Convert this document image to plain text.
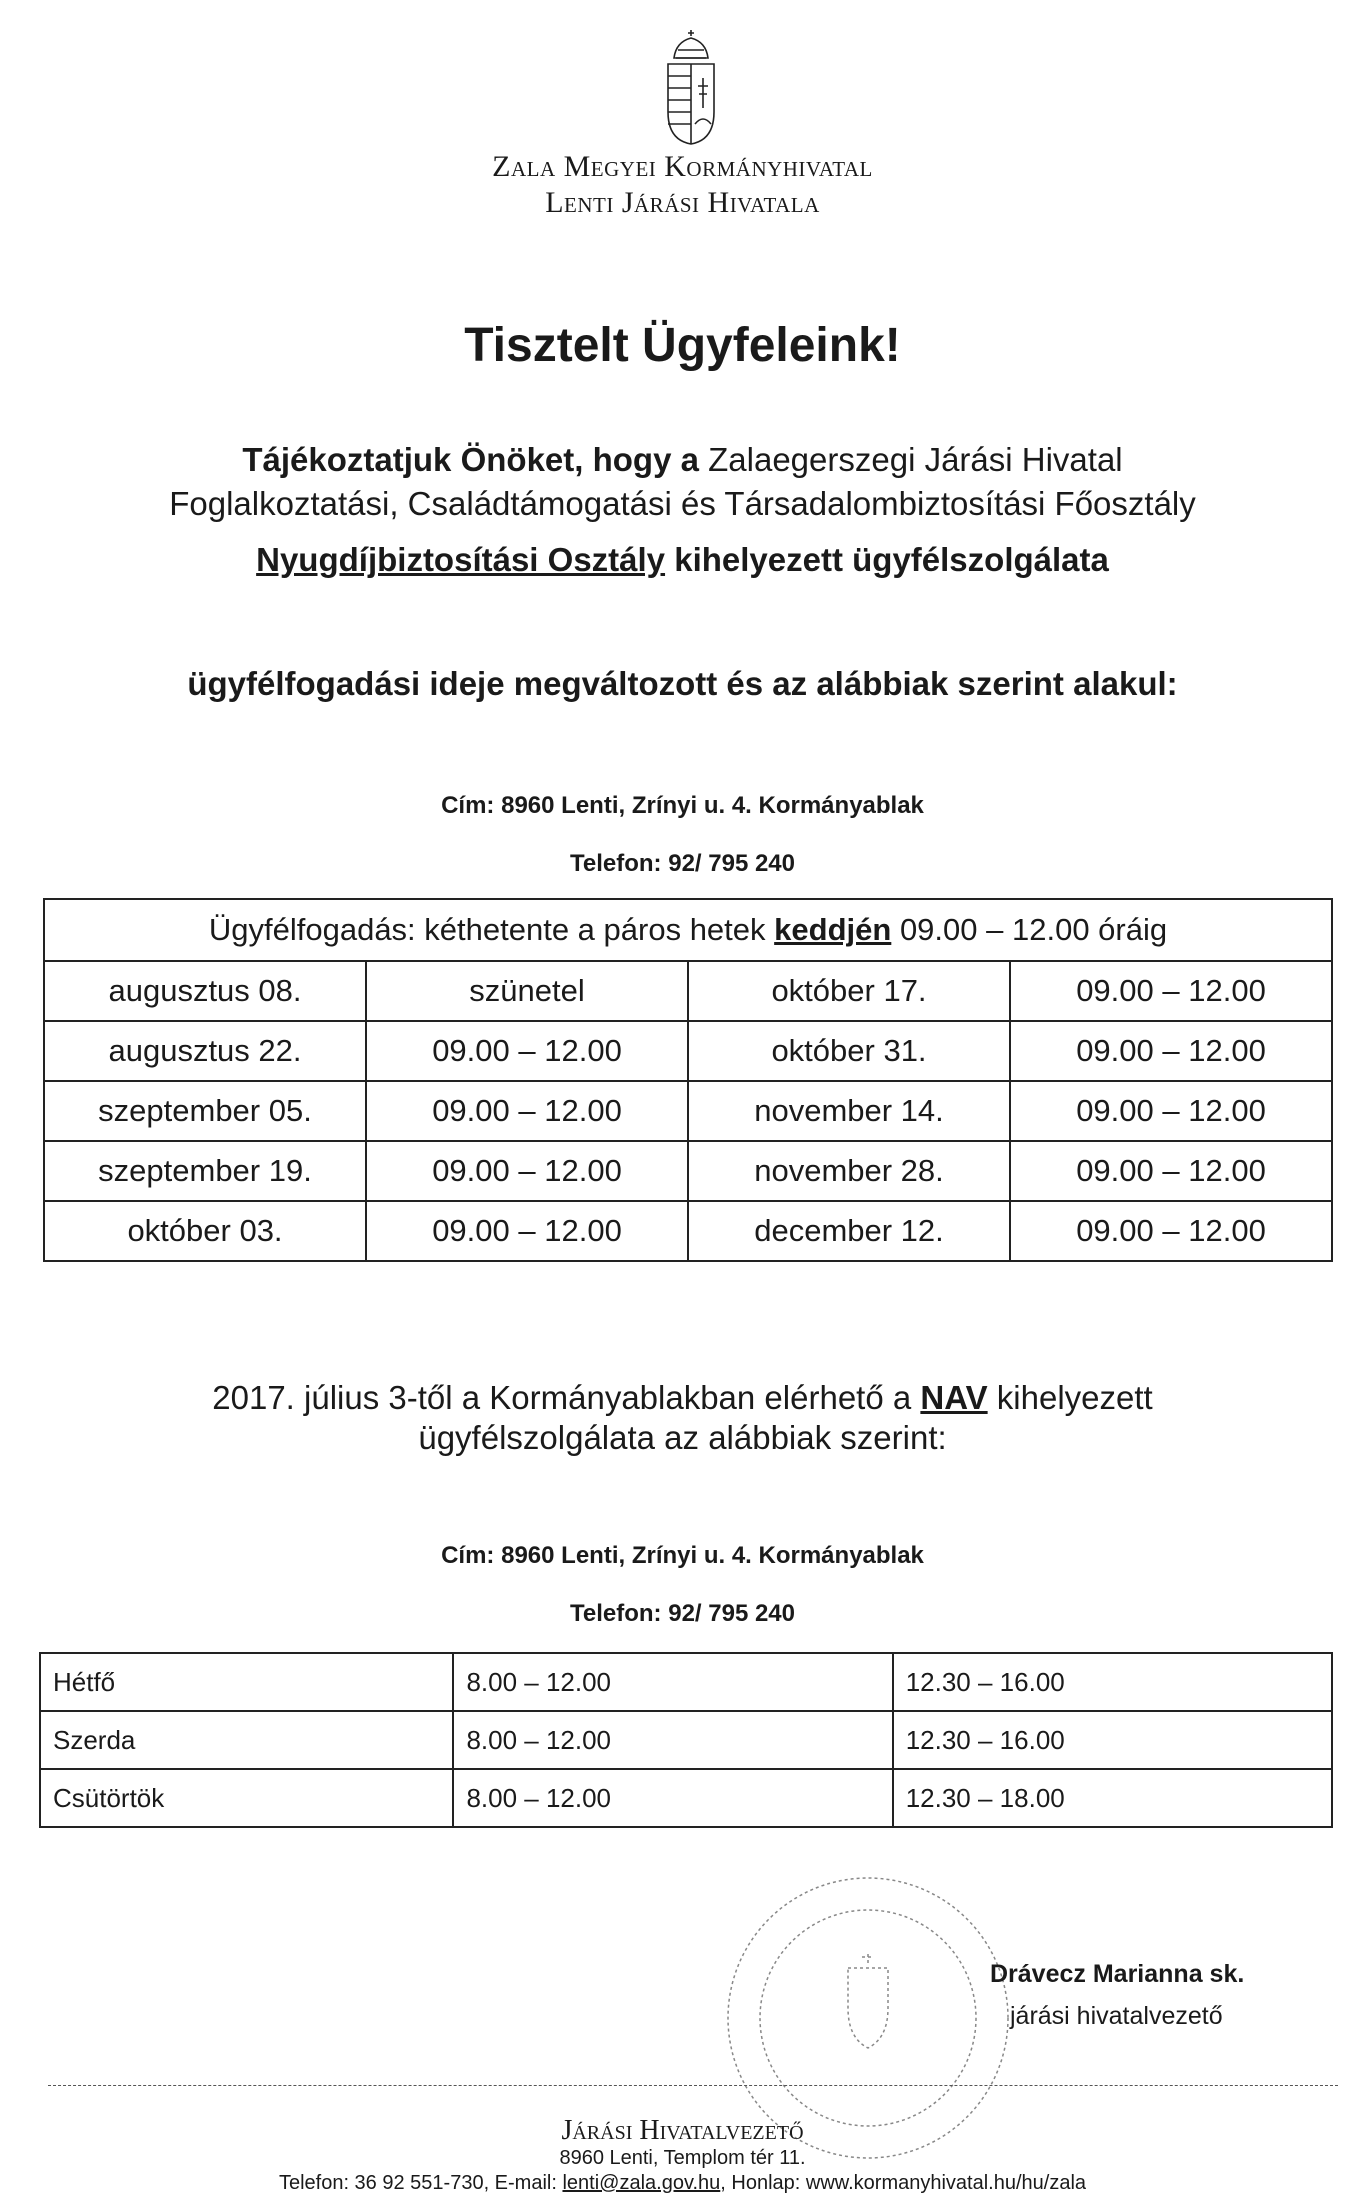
Zala Megyei Kormányhivatal
Lenti Járási Hivatala
Tisztelt Ügyfeleink!
Tájékoztatjuk Önöket, hogy a Zalaegerszegi Járási Hivatal
Foglalkoztatási, Családtámogatási és Társadalombiztosítási Főosztály
Nyugdíjbiztosítási Osztály kihelyezett ügyfélszolgálata
ügyfélfogadási ideje megváltozott és az alábbiak szerint alakul:
Cím: 8960 Lenti, Zrínyi u. 4. Kormányablak
Telefon: 92/ 795 240
Ügyfélfogadás: kéthetente a páros hetek keddjén 09.00 – 12.00 óráig			
augusztus 08.	szünetel	október 17.	09.00 – 12.00
augusztus 22.	09.00 – 12.00	október 31.	09.00 – 12.00
szeptember 05.	09.00 – 12.00	november 14.	09.00 – 12.00
szeptember 19.	09.00 – 12.00	november 28.	09.00 – 12.00
október 03.	09.00 – 12.00	december 12.	09.00 – 12.00
2017. július 3-től a Kormányablakban elérhető a NAV kihelyezett
ügyfélszolgálata az alábbiak szerint:
Cím: 8960 Lenti, Zrínyi u. 4. Kormányablak
Telefon: 92/ 795 240
Hétfő	8.00 – 12.00	12.30 – 16.00
Szerda	8.00 – 12.00	12.30 – 16.00
Csütörtök	8.00 – 12.00	12.30 – 18.00
Drávecz Marianna sk.
járási hivatalvezető
Járási Hivatalvezető
8960 Lenti, Templom tér 11.
Telefon: 36 92 551-730, E-mail: lenti@zala.gov.hu, Honlap: www.kormanyhivatal.hu/hu/zala
